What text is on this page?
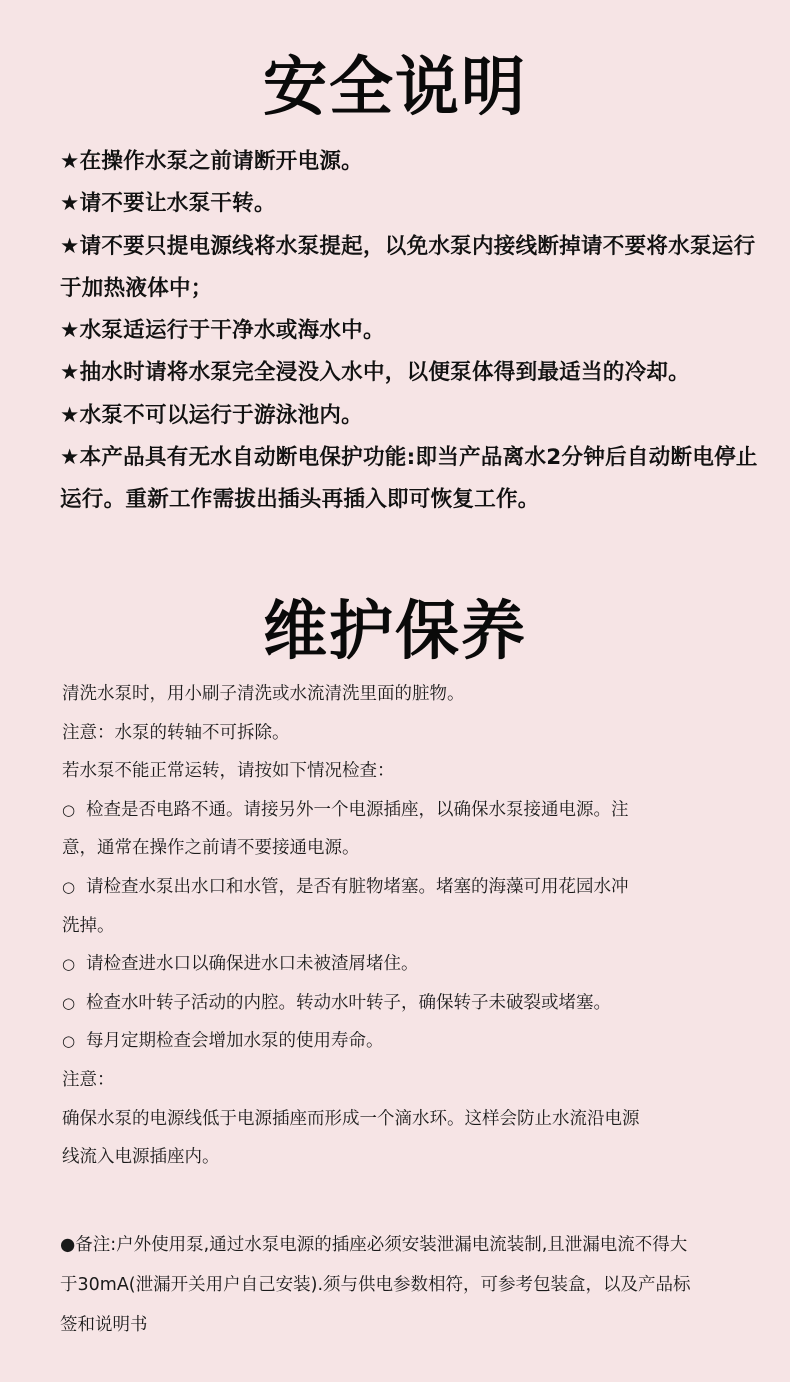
安全说明
★在操作水泵之前请断开电源。
★请不要让水泵干转。
★请不要只提电源线将水泵提起，以免水泵内接线断掉请不要将水泵运行于加热液体中；
★水泵适运行于干净水或海水中。
★抽水时请将水泵完全浸没入水中，以便泵体得到最适当的冷却。
★水泵不可以运行于游泳池内。
★本产品具有无水自动断电保护功能:即当产品离水2分钟后自动断电停止运行。重新工作需拔出插头再插入即可恢复工作。
维护保养
清洗水泵时，用小刷子清洗或水流清洗里面的脏物。
注意：水泵的转轴不可拆除。
若水泵不能正常运转，请按如下情况检查：
○ 检查是否电路不通。请接另外一个电源插座，以确保水泵接通电源。注
意，通常在操作之前请不要接通电源。
○ 请检查水泵出水口和水管，是否有脏物堵塞。堵塞的海藻可用花园水冲
洗掉。
○ 请检查进水口以确保进水口未被渣屑堵住。
○ 检查水叶转子活动的内腔。转动水叶转子，确保转子未破裂或堵塞。
○ 每月定期检查会增加水泵的使用寿命。
注意：
确保水泵的电源线低于电源插座而形成一个滴水环。这样会防止水流沿电源
线流入电源插座内。
●备注:户外使用泵,通过水泵电源的插座必须安装泄漏电流装制,且泄漏电流不得大
于30mA(泄漏开关用户自己安装).须与供电参数相符，可参考包装盒，以及产品标
签和说明书
